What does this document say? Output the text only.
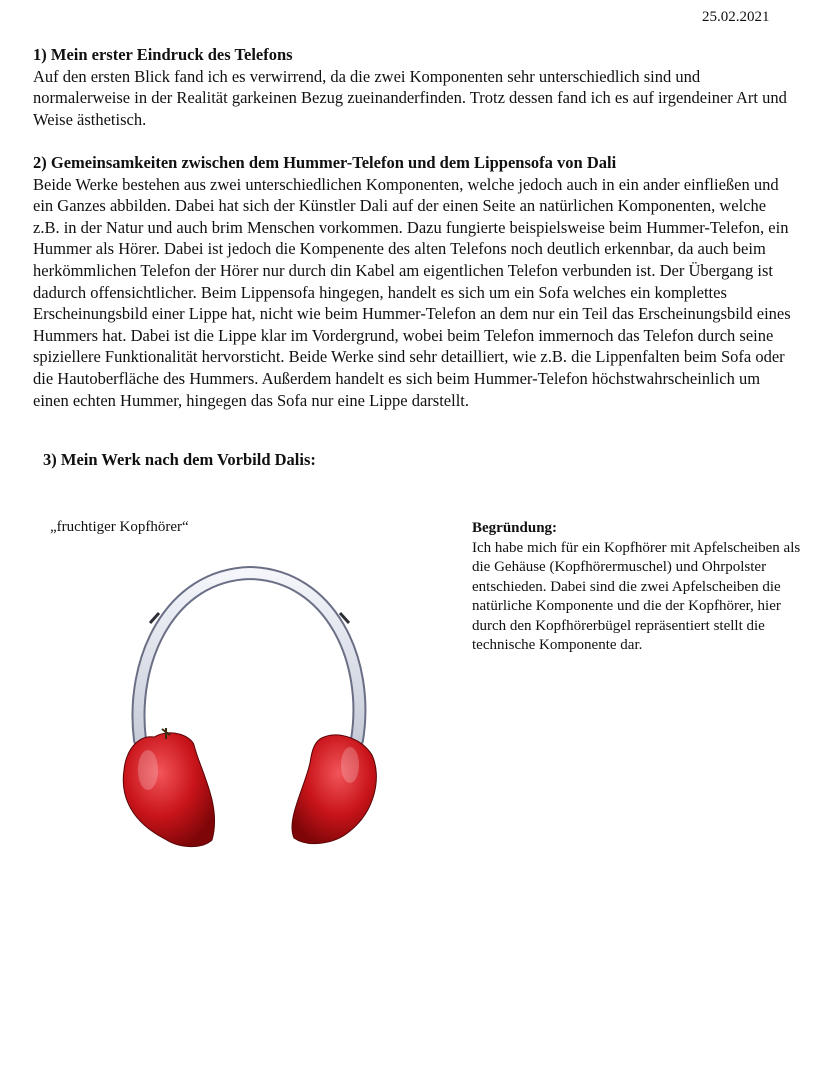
25.02.2021
1) Mein erster Eindruck des Telefons
Auf den ersten Blick fand ich es verwirrend, da die zwei Komponenten sehr unterschiedlich sind und normalerweise in der Realität garkeinen Bezug zueinanderfinden. Trotz dessen fand ich es auf irgendeiner Art und Weise ästhetisch.
2) Gemeinsamkeiten zwischen dem Hummer-Telefon und dem Lippensofa von Dali
Beide Werke bestehen aus zwei unterschiedlichen Komponenten, welche jedoch auch in ein ander einfließen und ein Ganzes abbilden. Dabei hat sich der Künstler Dali auf der einen Seite an natürlichen Komponenten, welche z.B. in der Natur und auch brim Menschen vorkommen. Dazu fungierte beispielsweise beim Hummer-Telefon, ein Hummer als Hörer. Dabei ist jedoch die Kompenente des alten Telefons noch deutlich erkennbar, da auch beim herkömmlichen Telefon der Hörer nur durch din Kabel am eigentlichen Telefon verbunden ist. Der Übergang ist dadurch offensichtlicher. Beim Lippensofa hingegen, handelt es sich um ein Sofa welches ein komplettes Erscheinungsbild einer Lippe hat, nicht wie beim Hummer-Telefon an dem nur ein Teil das Erscheinungsbild eines Hummers hat. Dabei ist die Lippe klar im Vordergrund, wobei beim Telefon immernoch das Telefon durch seine spiziellere Funktionalität hervorsticht. Beide Werke sind sehr detailliert, wie z.B. die Lippenfalten beim Sofa oder die Hautoberfläche des Hummers. Außerdem handelt es sich beim Hummer-Telefon höchstwahrscheinlich um einen echten Hummer, hingegen das Sofa nur eine Lippe darstellt.
3) Mein Werk nach dem Vorbild Dalis:
„fruchtiger Kopfhörer“	Begründung:
Ich habe mich für ein Kopfhörer mit Apfelscheiben als die Gehäuse (Kopfhörermuschel) und Ohrpolster entschieden. Dabei sind die zwei Apfelscheiben die natürliche Komponente und die der Kopfhörer, hier durch den Kopfhörerbügel repräsentiert stellt die technische Komponente dar.
